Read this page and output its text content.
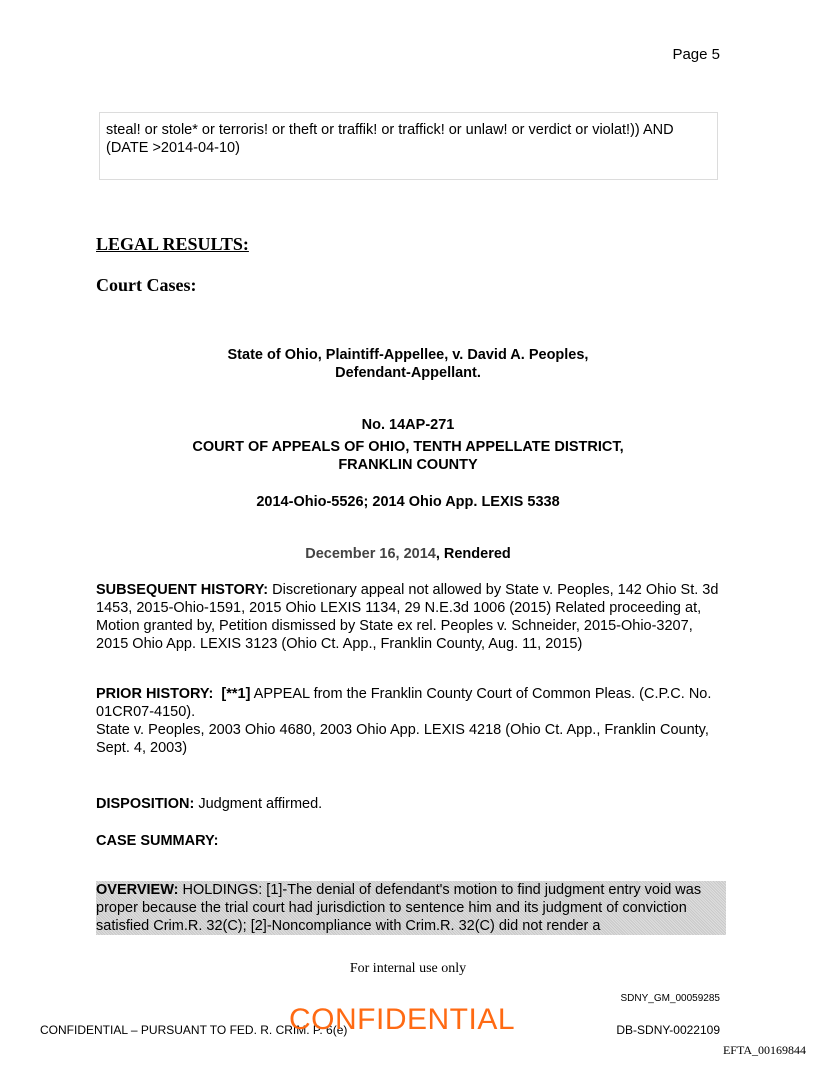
Page 5
steal! or stole* or terroris! or theft or traffik! or traffick! or unlaw! or verdict or violat!)) AND
(DATE >2014-04-10)
LEGAL RESULTS:
Court Cases:
State of Ohio, Plaintiff-Appellee, v. David A. Peoples,
Defendant-Appellant.
No. 14AP-271
COURT OF APPEALS OF OHIO, TENTH APPELLATE DISTRICT,
FRANKLIN COUNTY
2014-Ohio-5526; 2014 Ohio App. LEXIS 5338
December 16, 2014, Rendered
SUBSEQUENT HISTORY: Discretionary appeal not allowed by State v. Peoples, 142 Ohio St. 3d 1453, 2015-Ohio-1591, 2015 Ohio LEXIS 1134, 29 N.E.3d 1006 (2015) Related proceeding at, Motion granted by, Petition dismissed by State ex rel. Peoples v. Schneider, 2015-Ohio-3207, 2015 Ohio App. LEXIS 3123 (Ohio Ct. App., Franklin County, Aug. 11, 2015)
PRIOR HISTORY: [**1] APPEAL from the Franklin County Court of Common Pleas. (C.P.C. No. 01CR07-4150).
State v. Peoples, 2003 Ohio 4680, 2003 Ohio App. LEXIS 4218 (Ohio Ct. App., Franklin County, Sept. 4, 2003)
DISPOSITION: Judgment affirmed.
CASE SUMMARY:
OVERVIEW: HOLDINGS: [1]-The denial of defendant's motion to find judgment entry void was proper because the trial court had jurisdiction to sentence him and its judgment of conviction satisfied Crim.R. 32(C); [2]-Noncompliance with Crim.R. 32(C) did not render a
For internal use only
SDNY_GM_00059285
CONFIDENTIAL – PURSUANT TO FED. R. CRIM. P. 6(e)
CONFIDENTIAL	DB-SDNY-0022109
EFTA_00169844
